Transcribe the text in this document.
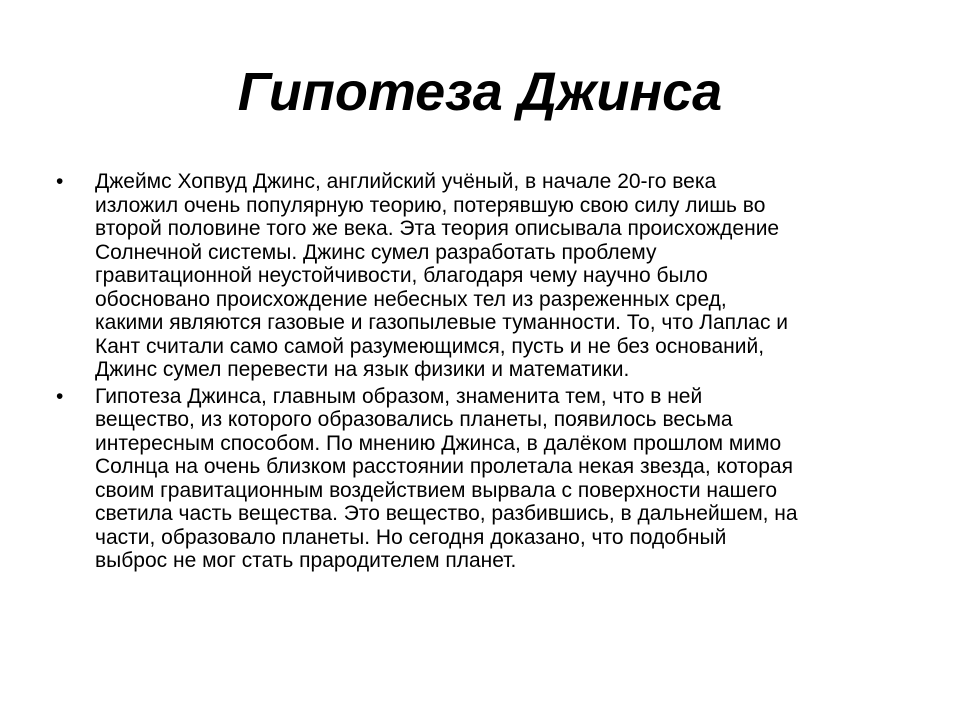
Гипотеза Джинса
• Джеймс Хопвуд Джинс, английский учёный, в начале 20-го века
изложил очень популярную теорию, потерявшую свою силу лишь во
второй половине того же века. Эта теория описывала происхождение
Солнечной системы. Джинс сумел разработать проблему
гравитационной неустойчивости, благодаря чему научно было
обосновано происхождение небесных тел из разреженных сред,
какими являются газовые и газопылевые туманности. То, что Лаплас и
Кант считали само самой разумеющимся, пусть и не без оснований,
Джинс сумел перевести на язык физики и математики.
• Гипотеза Джинса, главным образом, знаменита тем, что в ней
вещество, из которого образовались планеты, появилось весьма
интересным способом. По мнению Джинса, в далёком прошлом мимо
Солнца на очень близком расстоянии пролетала некая звезда, которая
своим гравитационным воздействием вырвала с поверхности нашего
светила часть вещества. Это вещество, разбившись, в дальнейшем, на
части, образовало планеты. Но сегодня доказано, что подобный
выброс не мог стать прародителем планет.
